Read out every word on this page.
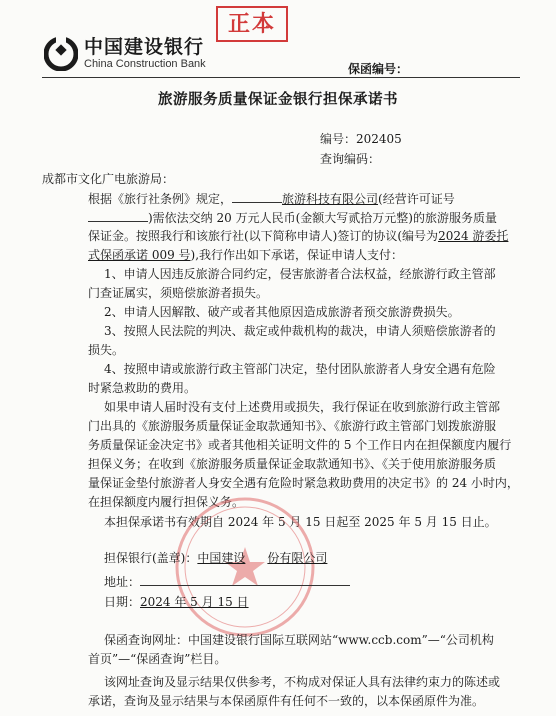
正本
中国建设银行
China Construction Bank	保函编号：
旅游服务质量保证金银行担保承诺书
编号：202405
查询编码：
成都市文化广电旅游局：
根据《旅行社条例》规定，	旅游科技有限公司(经营许可证号
)需依法交纳 20 万元人民币(金额大写贰拾万元整)的旅游服务质量
保证金。按照我行和该旅行社(以下简称申请人)签订的协议(编号为2024 游委托
式保函承诺 009 号),我行作出如下承诺，保证申请人支付：
1、申请人因违反旅游合同约定，侵害旅游者合法权益，经旅游行政主管部
门查证属实，须赔偿旅游者损失。
2、申请人因解散、破产或者其他原因造成旅游者预交旅游费损失。
3、按照人民法院的判决、裁定或仲裁机构的裁决，申请人须赔偿旅游者的
损失。
4、按照申请或旅游行政主管部门决定，垫付团队旅游者人身安全遇有危险
时紧急救助的费用。
如果申请人届时没有支付上述费用或损失，我行保证在收到旅游行政主管部
门出具的《旅游服务质量保证金取款通知书》、《旅游行政主管部门划拨旅游服
务质量保证金决定书》或者其他相关证明文件的 5 个工作日内在担保额度内履行
担保义务；在收到《旅游服务质量保证金取款通知书》、《关于使用旅游服务质
量保证金垫付旅游者人身安全遇有危险时紧急救助费用的决定书》的 24 小时内，
在担保额度内履行担保义务。
本担保承诺书有效期自 2024 年 5 月 15 日起至 2025 年 5 月 15 日止。
担保银行(盖章)：中国建设 份有限公司
地址：
日期：2024 年 5 月 15 日
保函查询网址：中国建设银行国际互联网站“www.ccb.com”—“公司机构
首页”—“保函查询”栏目。
该网址查询及显示结果仅供参考，不构成对保证人具有法律约束力的陈述或
承诺，查询及显示结果与本保函原件有任何不一致的，以本保函原件为准。
